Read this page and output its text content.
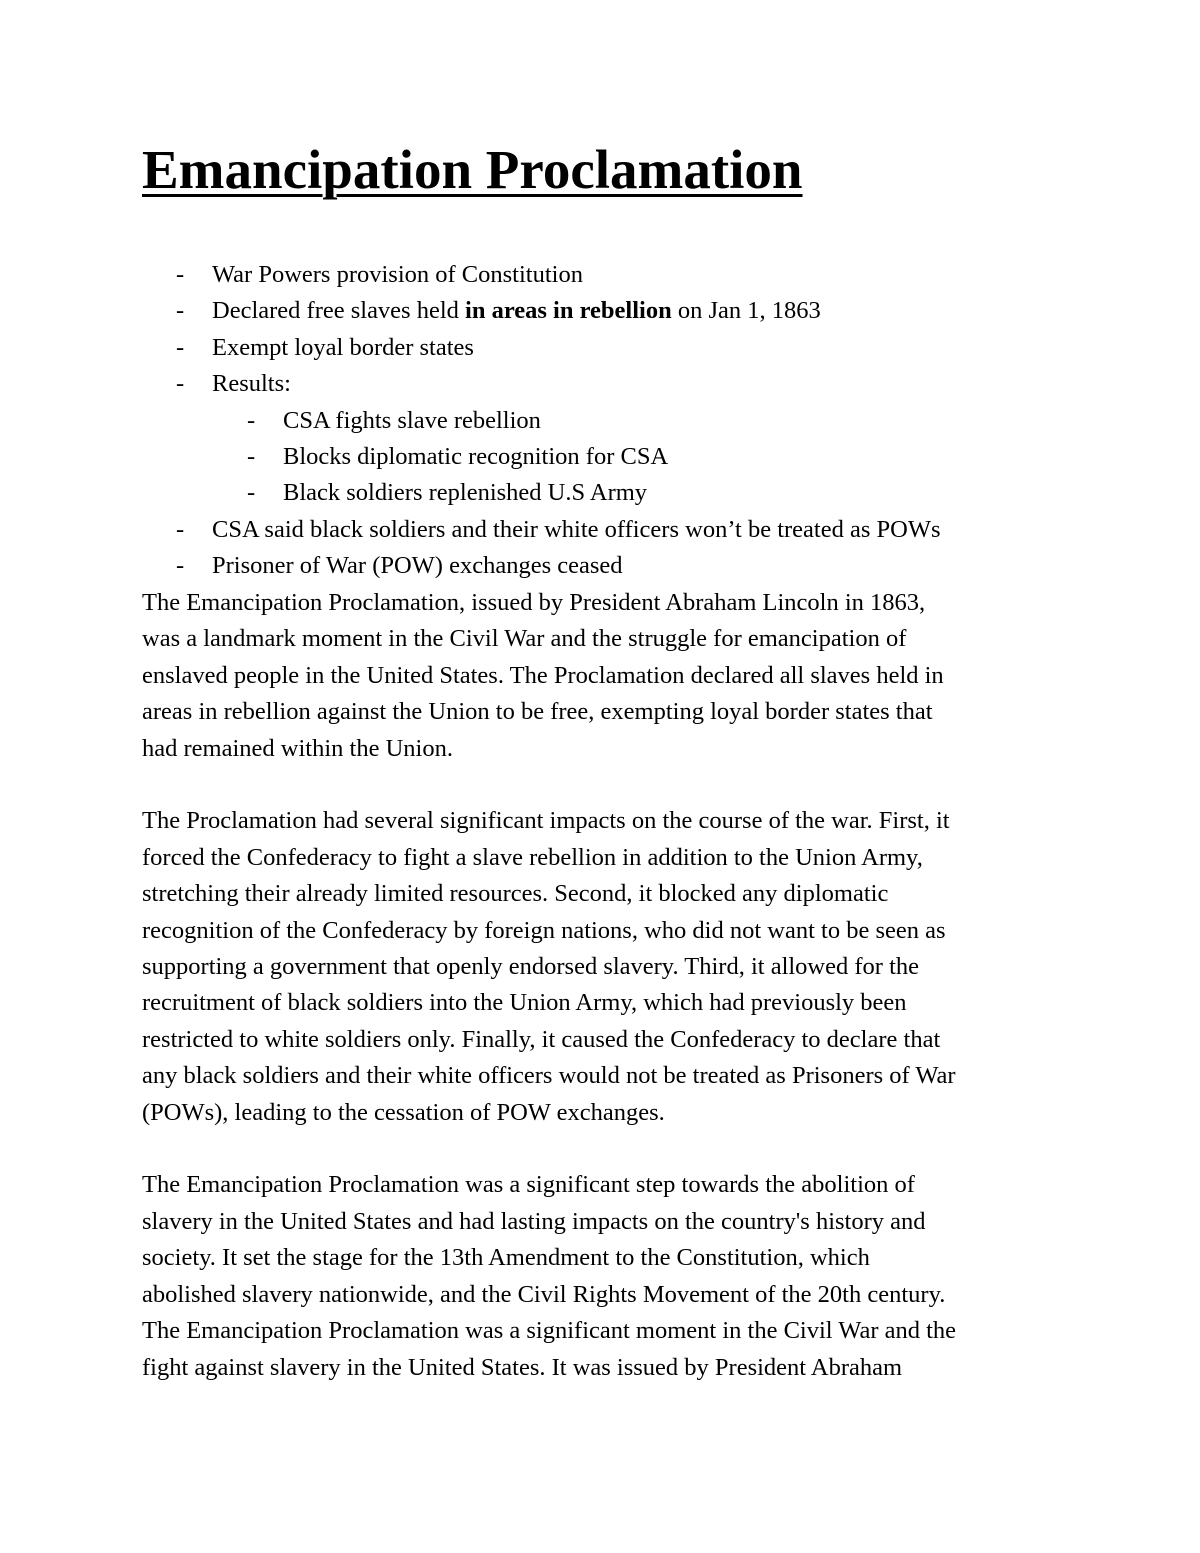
Emancipation Proclamation
- War Powers provision of Constitution
- Declared free slaves held in areas in rebellion on Jan 1, 1863
- Exempt loyal border states
- Results:
- CSA fights slave rebellion
- Blocks diplomatic recognition for CSA
- Black soldiers replenished U.S Army
- CSA said black soldiers and their white officers won’t be treated as POWs
- Prisoner of War (POW) exchanges ceased

The Emancipation Proclamation, issued by President Abraham Lincoln in 1863,
was a landmark moment in the Civil War and the struggle for emancipation of
enslaved people in the United States. The Proclamation declared all slaves held in
areas in rebellion against the Union to be free, exempting loyal border states that
had remained within the Union.

The Proclamation had several significant impacts on the course of the war. First, it
forced the Confederacy to fight a slave rebellion in addition to the Union Army,
stretching their already limited resources. Second, it blocked any diplomatic
recognition of the Confederacy by foreign nations, who did not want to be seen as
supporting a government that openly endorsed slavery. Third, it allowed for the
recruitment of black soldiers into the Union Army, which had previously been
restricted to white soldiers only. Finally, it caused the Confederacy to declare that
any black soldiers and their white officers would not be treated as Prisoners of War
(POWs), leading to the cessation of POW exchanges.

The Emancipation Proclamation was a significant step towards the abolition of
slavery in the United States and had lasting impacts on the country's history and
society. It set the stage for the 13th Amendment to the Constitution, which
abolished slavery nationwide, and the Civil Rights Movement of the 20th century.
The Emancipation Proclamation was a significant moment in the Civil War and the
fight against slavery in the United States. It was issued by President Abraham
